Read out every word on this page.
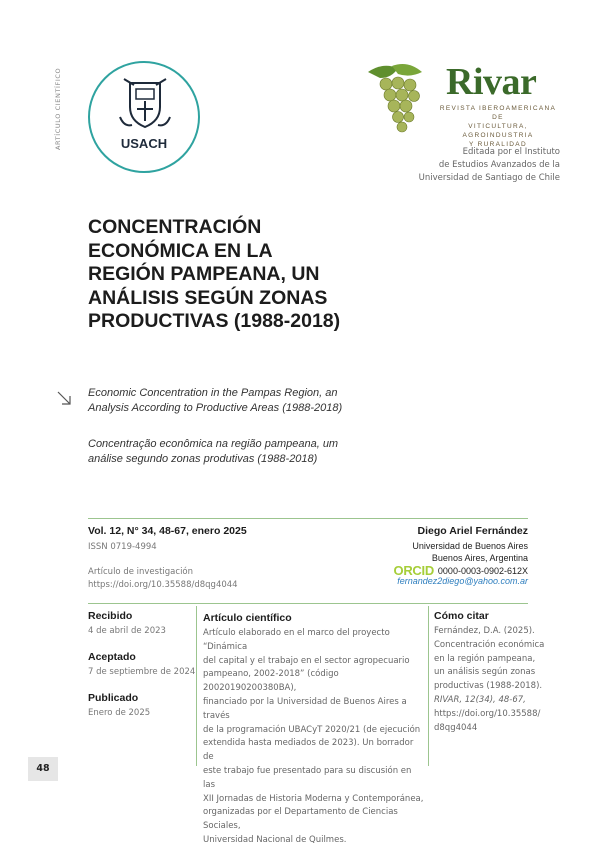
ARTÍCULO CIENTÍFICO	USACH
Rivar
REVISTA IBEROAMERICANA DE
VITICULTURA, AGROINDUSTRIA
Y RURALIDAD
Editada por el Instituto
de Estudios Avanzados de la
Universidad de Santiago de Chile
CONCENTRACIÓN
ECONÓMICA EN LA
REGIÓN PAMPEANA, UN
ANÁLISIS SEGÚN ZONAS
PRODUCTIVAS (1988-2018)
Economic Concentration in the Pampas Region, an
Analysis According to Productive Areas (1988-2018)
Concentração econômica na região pampeana, um
análise segundo zonas produtivas (1988-2018)
Vol. 12, N° 34, 48-67, enero 2025
ISSN 0719-4994
Artículo de investigación
https://doi.org/10.35588/d8qg4044
Diego Ariel Fernández
Universidad de Buenos Aires
Buenos Aires, Argentina
ORCID 0000-0003-0902-612X
fernandez2diego@yahoo.com.ar
Recibido
4 de abril de 2023
Aceptado
7 de septiembre de 2024
Publicado
Enero de 2025
Artículo científico
Artículo elaborado en el marco del proyecto “Dinámica
del capital y el trabajo en el sector agropecuario
pampeano, 2002-2018” (código 20020190200380BA),
financiado por la Universidad de Buenos Aires a través
de la programación UBACyT 2020/21 (de ejecución
extendida hasta mediados de 2023). Un borrador de
este trabajo fue presentado para su discusión en las
XII Jornadas de Historia Moderna y Contemporánea,
organizadas por el Departamento de Ciencias Sociales,
Universidad Nacional de Quilmes.
Cómo citar
Fernández, D.A. (2025).
Concentración económica
en la región pampeana,
un análisis según zonas
productivas (1988-2018).
RIVAR, 12(34), 48-67,
https://doi.org/10.35588/
d8qg4044
48
